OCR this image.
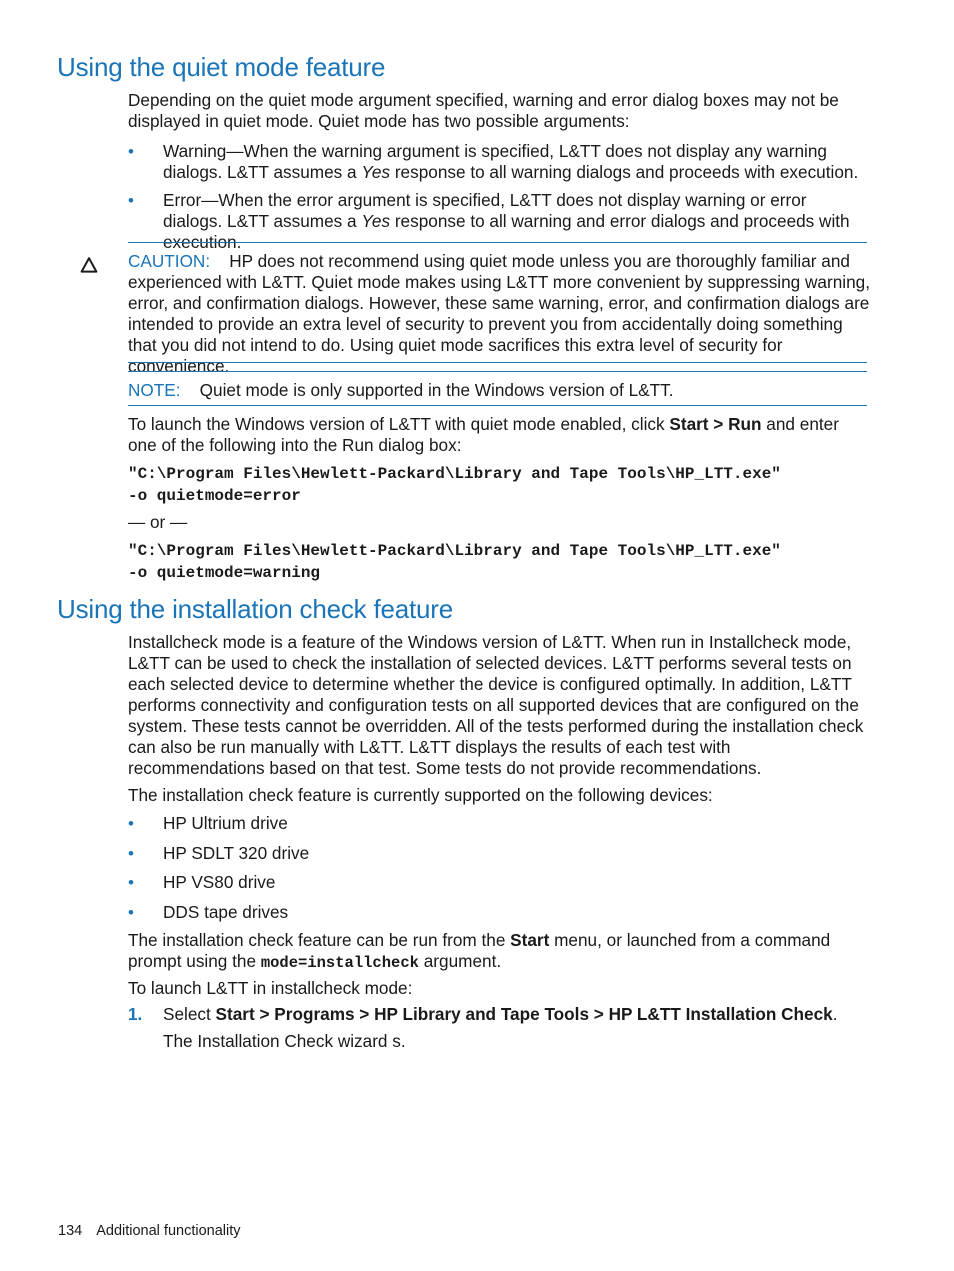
Using the quiet mode feature

Depending on the quiet mode argument specified, warning and error dialog boxes may not be displayed in quiet mode. Quiet mode has two possible arguments:

• Warning—When the warning argument is specified, L&TT does not display any warning dialogs. L&TT assumes a Yes response to all warning dialogs and proceeds with execution.
• Error—When the error argument is specified, L&TT does not display warning or error dialogs. L&TT assumes a Yes response to all warning and error dialogs and proceeds with execution.

CAUTION: HP does not recommend using quiet mode unless you are thoroughly familiar and experienced with L&TT. Quiet mode makes using L&TT more convenient by suppressing warning, error, and confirmation dialogs. However, these same warning, error, and confirmation dialogs are intended to provide an extra level of security to prevent you from accidentally doing something that you did not intend to do. Using quiet mode sacrifices this extra level of security for convenience.

NOTE: Quiet mode is only supported in the Windows version of L&TT.

To launch the Windows version of L&TT with quiet mode enabled, click Start > Run and enter one of the following into the Run dialog box:

"C:\Program Files\Hewlett-Packard\Library and Tape Tools\HP_LTT.exe"
-o quietmode=error
— or —
"C:\Program Files\Hewlett-Packard\Library and Tape Tools\HP_LTT.exe"
-o quietmode=warning
Using the installation check feature

Installcheck mode is a feature of the Windows version of L&TT. When run in Installcheck mode, L&TT can be used to check the installation of selected devices. L&TT performs several tests on each selected device to determine whether the device is configured optimally. In addition, L&TT performs connectivity and configuration tests on all supported devices that are configured on the system. These tests cannot be overridden. All of the tests performed during the installation check can also be run manually with L&TT. L&TT displays the results of each test with recommendations based on that test. Some tests do not provide recommendations.

The installation check feature is currently supported on the following devices:
• HP Ultrium drive
• HP SDLT 320 drive
• HP VS80 drive
• DDS tape drives

The installation check feature can be run from the Start menu, or launched from a command prompt using the mode=installcheck argument.

To launch L&TT in installcheck mode:
1. Select Start > Programs > HP Library and Tape Tools > HP L&TT Installation Check.

The Installation Check wizard s.
134 Additional functionality
